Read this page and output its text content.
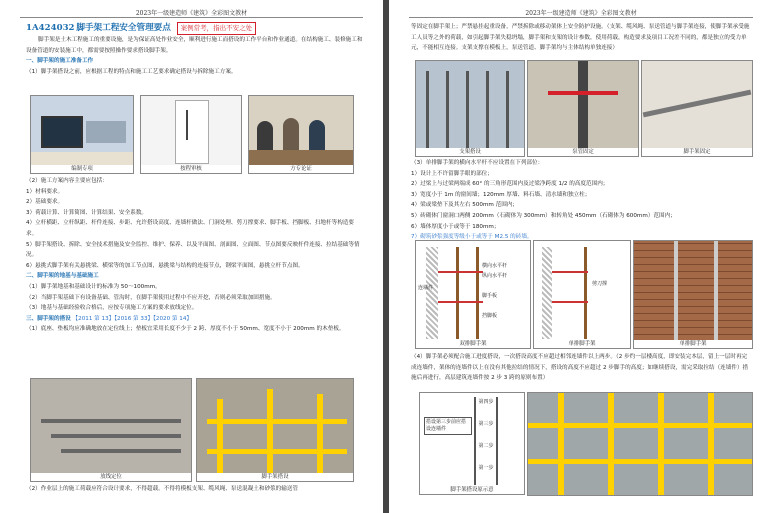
2023年一级建造师《建筑》全彩图文教材
1A424032 脚手架工程安全管理要点 案例常考，指出不安之处

脚手架是土木工程施工的重要设施，是为保证高处作业安全，顺利进行施工而搭设的工作平台和作业通道。在结构施工、装修施工和设备管道的安装施工中，都需要按照操作要求搭设脚手架。

一、脚手架的施工准备工作

（1）脚手架搭设之前，应根据工程的特点和施工工艺要求确定搭设与拆除施工方案。

编制专项	按程审核	方专论证

（2）施工方案内容主要应包括：

1）材料要求。

2）基础要求。

3）荷载计算、计算简图、计算结果、安全系数。

4）立杆横距、立杆纵距、杆件连接、步距、允许搭设高度、连墙杆做法、门洞处理、剪刀撑要求、脚手板、挡脚板、扫地杆等构造要求。

5）脚手架搭设、拆除、安全技术措施及安全监控、维护、保养、以及平面图、剖面图、立面图、节点图要反映杆件连接、拉结基础等情况。

6）悬挑式脚手架有关悬挑梁、横梁等的加工节点图，悬挑梁与结构的连接节点，钢梁平面图，悬挑立杆节点图。

二、脚手架的地基与基础施工

（1）脚手架地基和基础设计的标准为 50～100mm。

（2）当脚手架基础下有设备基础、管沟时，在脚手架使用过程中不应开挖，否则必须采取加固措施。

（3）地基与基础经验收合格后，应按专项施工方案的要求放线定位。

三、脚手架的搭设 【2011 第 13】【2016 第 33】【2020 第 14】

（1）底座、垫板均应准确地放在定位线上；垫板宜采用长度不少于 2 跨、厚度不小于 50mm、宽度不小于 200mm 的木垫板。

放线定位	脚手架搭设

（2）作业层上的施工荷载应符合设计要求，不得超载。不得将模板支架、缆风绳、泵送混凝土和砂浆的输送管

2023年一级建造师《建筑》全彩图文教材

等固定在脚手架上；严禁悬挂起重设备，严禁拆除或移动架体上安全防护设施。（支架、缆风绳、泵送管道与脚手架连接，使脚手架承受施工人员等之外的荷载，如引起脚手架失稳坍塌，脚手架和支架的设计参数，使用荷载，构造要求及项目工况差不同的，都是独立的受力单元，不能相互连接。支架支撑在模板上，泵送管道、脚手架均与主体结构单独连接）

支架搭设	泵管固定	脚手架固定

（3）单排脚手架的横向水平杆不应设置在下列部位：

1）设计上不许留脚手眼的部位；

2）过梁上与过梁两端成 60° 的三角形范围内及过梁净跨度 1/2 的高度范围内；

3）宽度小于 1m 的窗间墙；120mm 厚墙、料石墙、清水墙和独立柱；

4）梁或梁垫下及其左右 500mm 范围内；

5）砖砌体门窗洞口两侧 200mm（石砌体为 300mm）和转角处 450mm（石砌体为 600mm）范围内；

6）墙体厚度小于或等于 180mm；

7）砌筑砂浆强度等级小于或等于 M2.5 的砖墙。

横向水平杆
纵向水平杆
脚手板
挡脚板
连墙件
双排脚手架
剪刀撑
单排脚手架	单排脚手架

（4）脚手架必须配合施工进度搭设，一次搭设高度不应超过相邻连墙件以上两步。（2 步约一层楼高度，即安装完本层，留上一层时再完成连墙件，架体的连墙件以上在没有其他拉结的情况下，搭设的高度不应超过 2 步脚手的高度；如继续搭设，需完采取拉结（连墙件）措施后再进行，高层建筑连墙件按 2 步 3 跨的原则布置）

第四步
第三步
第二步
第一步
搭设第三步前应搭设连墙件
脚手架搭设原示意
